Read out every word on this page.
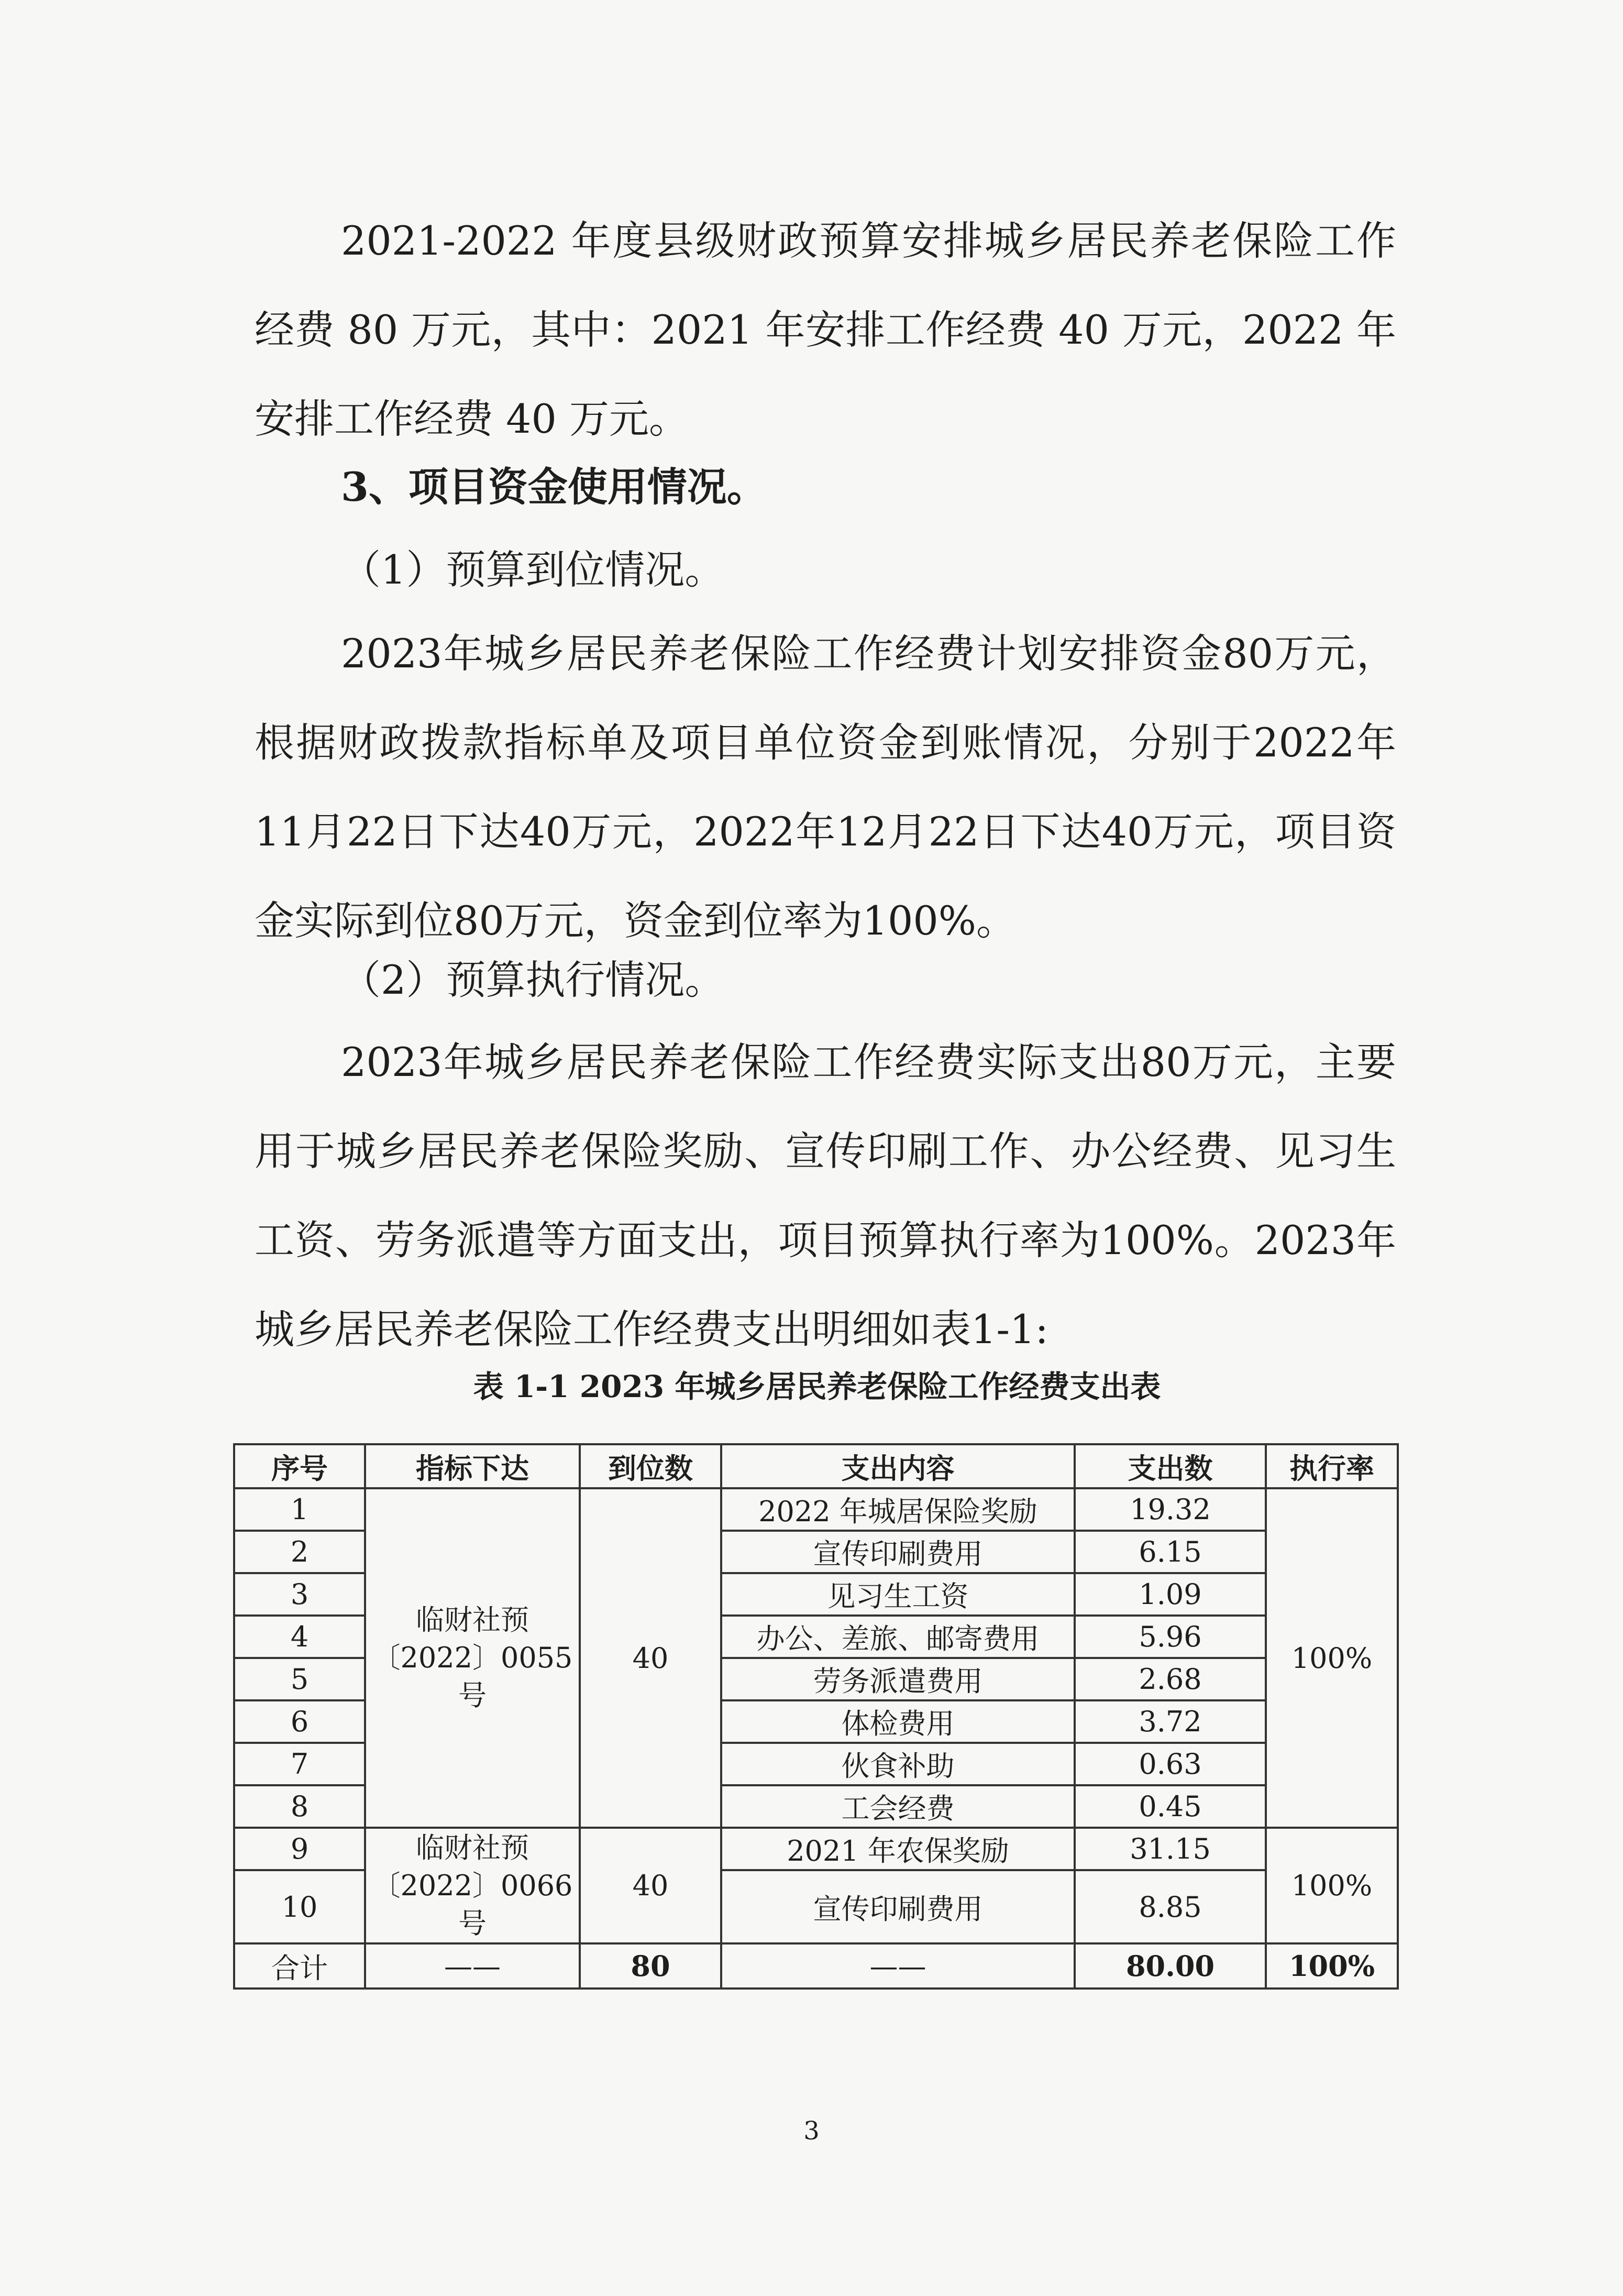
2021-2022 年度县级财政预算安排城乡居民养老保险工作经费 80 万元，其中：2021 年安排工作经费 40 万元，2022 年安排工作经费 40 万元。

3、项目资金使用情况。

（1）预算到位情况。

2023年城乡居民养老保险工作经费计划安排资金80万元，根据财政拨款指标单及项目单位资金到账情况，分别于2022年11月22日下达40万元，2022年12月22日下达40万元，项目资金实际到位80万元，资金到位率为100%。

（2）预算执行情况。

2023年城乡居民养老保险工作经费实际支出80万元，主要用于城乡居民养老保险奖励、宣传印刷工作、办公经费、见习生工资、劳务派遣等方面支出，项目预算执行率为100%。2023年城乡居民养老保险工作经费支出明细如表1-1:

表 1-1 2023 年城乡居民养老保险工作经费支出表

序号	指标下达	到位数	支出内容	支出数	执行率
1	临财社预
〔2022〕0055
号	40	2022 年城居保险奖励	19.32	100%
2			宣传印刷费用	6.15	
3			见习生工资	1.09	
4			办公、差旅、邮寄费用	5.96	
5			劳务派遣费用	2.68	
6			体检费用	3.72	
7			伙食补助	0.63	
8			工会经费	0.45	
9	临财社预
〔2022〕0066
号	40	2021 年农保奖励	31.15	100%
10			宣传印刷费用	8.85	
合计	——	80	——	80.00	100%

3
